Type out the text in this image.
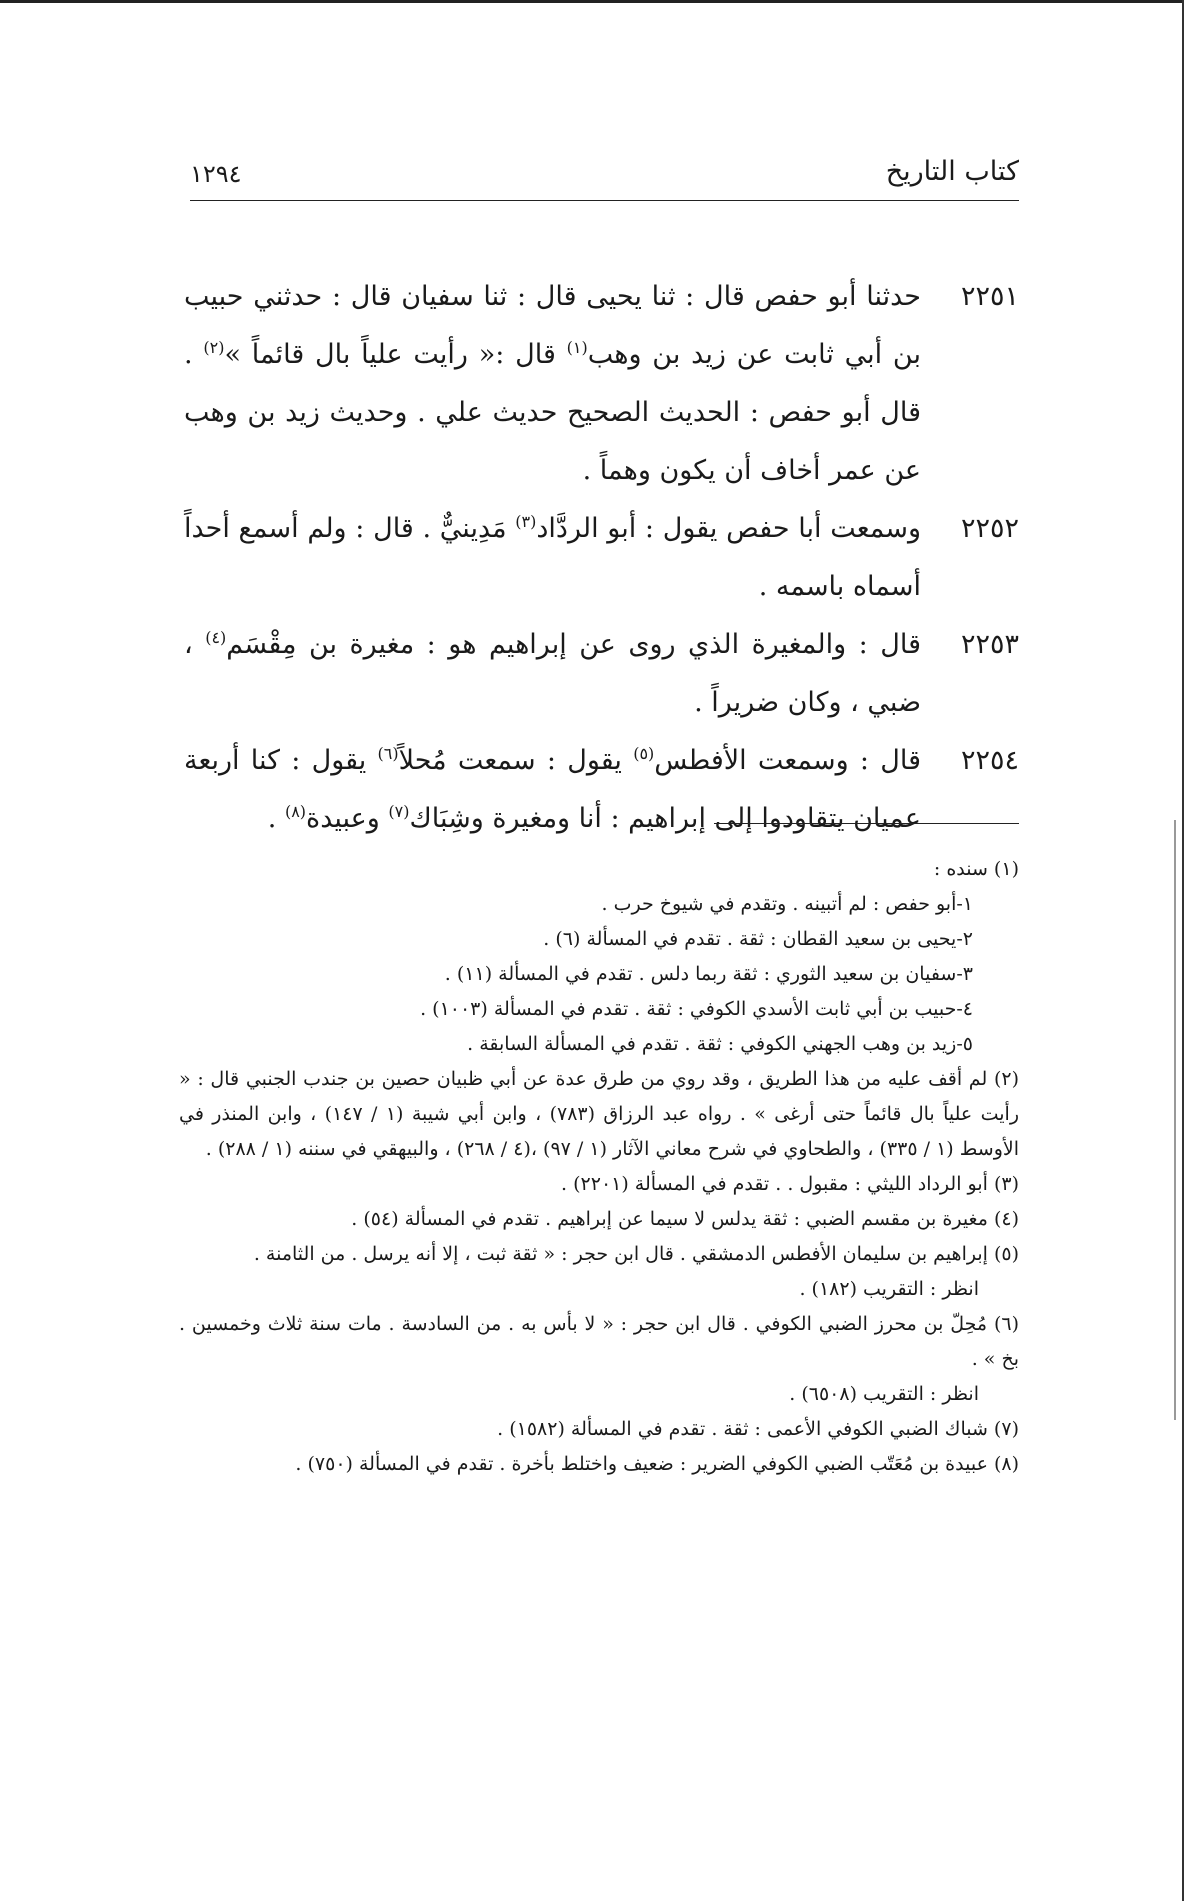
كتاب التاريخ
١٢٩٤
٢٢٥١
حدثنا أبو حفص قال : ثنا يحيى قال : ثنا سفيان قال : حدثني حبيب بن أبي ثابت عن زيد بن وهب$^{(١)}$ قال :« رأيت علياً بال قائماً »$^{(٢)}$ . قال أبو حفص : الحديث الصحيح حديث علي . وحديث زيد بن وهب عن عمر أخاف أن يكون وهماً .
٢٢٥٢
وسمعت أبا حفص يقول : أبو الردَّاد$^{(٣)}$ مَدِينيٌّ . قال : ولم أسمع أحداً أسماه باسمه .
٢٢٥٣
قال : والمغيرة الذي روى عن إبراهيم هو : مغيرة بن مِقْسَم$^{(٤)}$ ، ضبي ، وكان ضريراً .
٢٢٥٤
قال : وسمعت الأفطس$^{(٥)}$ يقول : سمعت مُحلاً$^{(٦)}$ يقول : كنا أربعة عميان يتقاودوا إلى إبراهيم : أنا ومغيرة وشِبَاك$^{(٧)}$ وعبيدة$^{(٨)}$ .
(١) سنده :
١-أبو حفص : لم أتبينه . وتقدم في شيوخ حرب .
٢-يحيى بن سعيد القطان : ثقة . تقدم في المسألة (٦) .
٣-سفيان بن سعيد الثوري : ثقة ربما دلس . تقدم في المسألة (١١) .
٤-حبيب بن أبي ثابت الأسدي الكوفي : ثقة . تقدم في المسألة (١٠٠٣) .
٥-زيد بن وهب الجهني الكوفي : ثقة . تقدم في المسألة السابقة .
(٢) لم أقف عليه من هذا الطريق ، وقد روي من طرق عدة عن أبي ظبيان حصين بن جندب الجنبي قال : « رأيت علياً بال قائماً حتى أرغى » . رواه عبد الرزاق (٧٨٣) ، وابن أبي شيبة (١ / ١٤٧) ، وابن المنذر في الأوسط (١ / ٣٣٥) ، والطحاوي في شرح معاني الآثار (١ / ٩٧) ،(٤ / ٢٦٨) ، والبيهقي في سننه (١ / ٢٨٨) .
(٣) أبو الرداد الليثي : مقبول . . تقدم في المسألة (٢٢٠١) .
(٤) مغيرة بن مقسم الضبي : ثقة يدلس لا سيما عن إبراهيم . تقدم في المسألة (٥٤) .
(٥) إبراهيم بن سليمان الأفطس الدمشقي . قال ابن حجر : « ثقة ثبت ، إلا أنه يرسل . من الثامنة .
انظر : التقريب (١٨٢) .
(٦) مُحِلّ بن محرز الضبي الكوفي . قال ابن حجر : « لا بأس به . من السادسة . مات سنة ثلاث وخمسين . بخ » .
انظر : التقريب (٦٥٠٨) .
(٧) شباك الضبي الكوفي الأعمى : ثقة . تقدم في المسألة (١٥٨٢) .
(٨) عبيدة بن مُعَتّب الضبي الكوفي الضرير : ضعيف واختلط بأخرة . تقدم في المسألة (٧٥٠) .
